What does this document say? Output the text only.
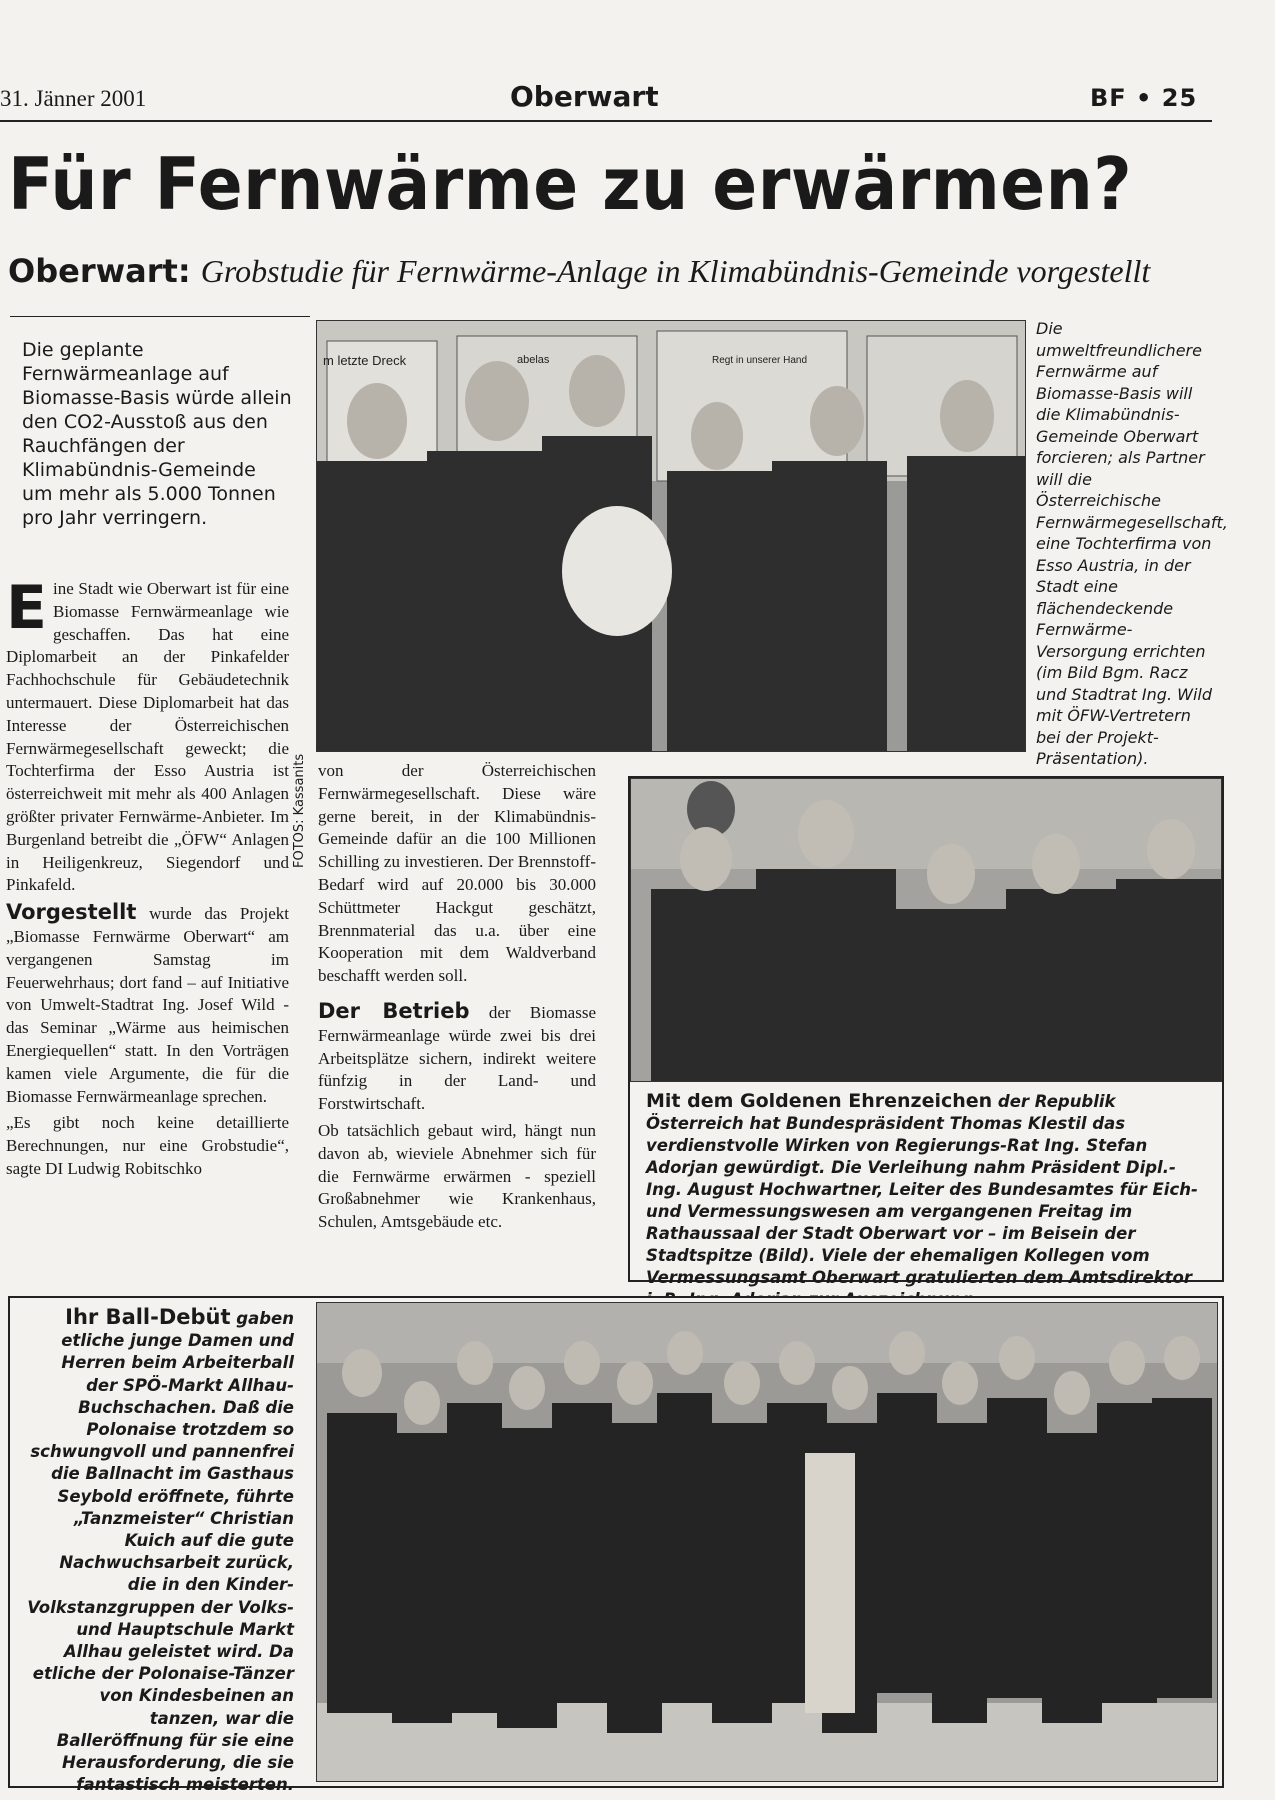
31. Jänner 2001	Oberwart	BF • 25
Für Fernwärme zu erwärmen?
Oberwart: Grobstudie für Fernwärme-Anlage in Klimabündnis-Gemeinde vorgestellt
Die geplante Fernwärmeanlage auf Biomasse-Basis würde allein den CO2-Ausstoß aus den Rauchfängen der Klimabündnis-Gemeinde um mehr als 5.000 Tonnen pro Jahr verringern.

Eine Stadt wie Oberwart ist für eine Biomasse Fernwärmeanlage wie geschaffen. Das hat eine Diplomarbeit an der Pinkafelder Fachhochschule für Gebäudetechnik untermauert. Diese Diplomarbeit hat das Interesse der Österreichischen Fernwärmegesellschaft geweckt; die Tochterfirma der Esso Austria ist österreichweit mit mehr als 400 Anlagen größter privater Fernwärme-Anbieter. Im Burgenland betreibt die „ÖFW“ Anlagen in Heiligenkreuz, Siegendorf und Pinkafeld.

Vorgestellt wurde das Projekt „Biomasse Fernwärme Oberwart“ am vergangenen Samstag im Feuerwehrhaus; dort fand – auf Initiative von Umwelt-Stadtrat Ing. Josef Wild - das Seminar „Wärme aus heimischen Energiequellen“ statt. In den Vorträgen kamen viele Argumente, die für die Biomasse Fernwärmeanlage sprechen.

„Es gibt noch keine detaillierte Berechnungen, nur eine Grobstudie“, sagte DI Ludwig Robitschko

m letzte Dreck	abelas	Regt in unserer Hand
FOTOS: Kassanits
Die umweltfreundlichere Fernwärme auf Biomasse-Basis will die Klimabündnis-Gemeinde Oberwart forcieren; als Partner will die Österreichische Fernwärmegesellschaft, eine Tochterfirma von Esso Austria, in der Stadt eine flächendeckende Fernwärme-Versorgung errichten (im Bild Bgm. Racz und Stadtrat Ing. Wild mit ÖFW-Vertretern bei der Projekt-Präsentation).

von der Österreichischen Fernwärmegesellschaft. Diese wäre gerne bereit, in der Klimabündnis-Gemeinde dafür an die 100 Millionen Schilling zu investieren. Der Brennstoff-Bedarf wird auf 20.000 bis 30.000 Schüttmeter Hackgut geschätzt, Brennmaterial das u.a. über eine Kooperation mit dem Waldverband beschafft werden soll.

Der Betrieb der Biomasse Fernwärmeanlage würde zwei bis drei Arbeitsplätze sichern, indirekt weitere fünfzig in der Land- und Forstwirtschaft.

Ob tatsächlich gebaut wird, hängt nun davon ab, wieviele Abnehmer sich für die Fernwärme erwärmen - speziell Großabnehmer wie Krankenhaus, Schulen, Amtsgebäude etc.

Mit dem Goldenen Ehrenzeichen der Republik Österreich hat Bundespräsident Thomas Klestil das verdienstvolle Wirken von Regierungs-Rat Ing. Stefan Adorjan gewürdigt. Die Verleihung nahm Präsident Dipl.-Ing. August Hochwartner, Leiter des Bundesamtes für Eich- und Vermessungswesen am vergangenen Freitag im Rathaussaal der Stadt Oberwart vor – im Beisein der Stadtspitze (Bild). Viele der ehemaligen Kollegen vom Vermessungsamt Oberwart gratulierten dem Amtsdirektor
Ihr Ball-Debüt gaben etliche junge Damen und Herren beim Arbeiterball der SPÖ-Markt Allhau-Buchschachen. Daß die Polonaise trotzdem so schwungvoll und pannenfrei die Ballnacht im Gasthaus Seybold eröffnete, führte „Tanzmeister“ Christian Kuich auf die gute Nachwuchsarbeit zurück, die in den Kinder-Volkstanzgruppen der Volks- und Hauptschule Markt Allhau geleistet wird. Da etliche der Polonaise-Tänzer von Kindesbeinen an tanzen, war die Balleröffnung für sie eine Herausforderung, die sie fantastisch meisterten.
